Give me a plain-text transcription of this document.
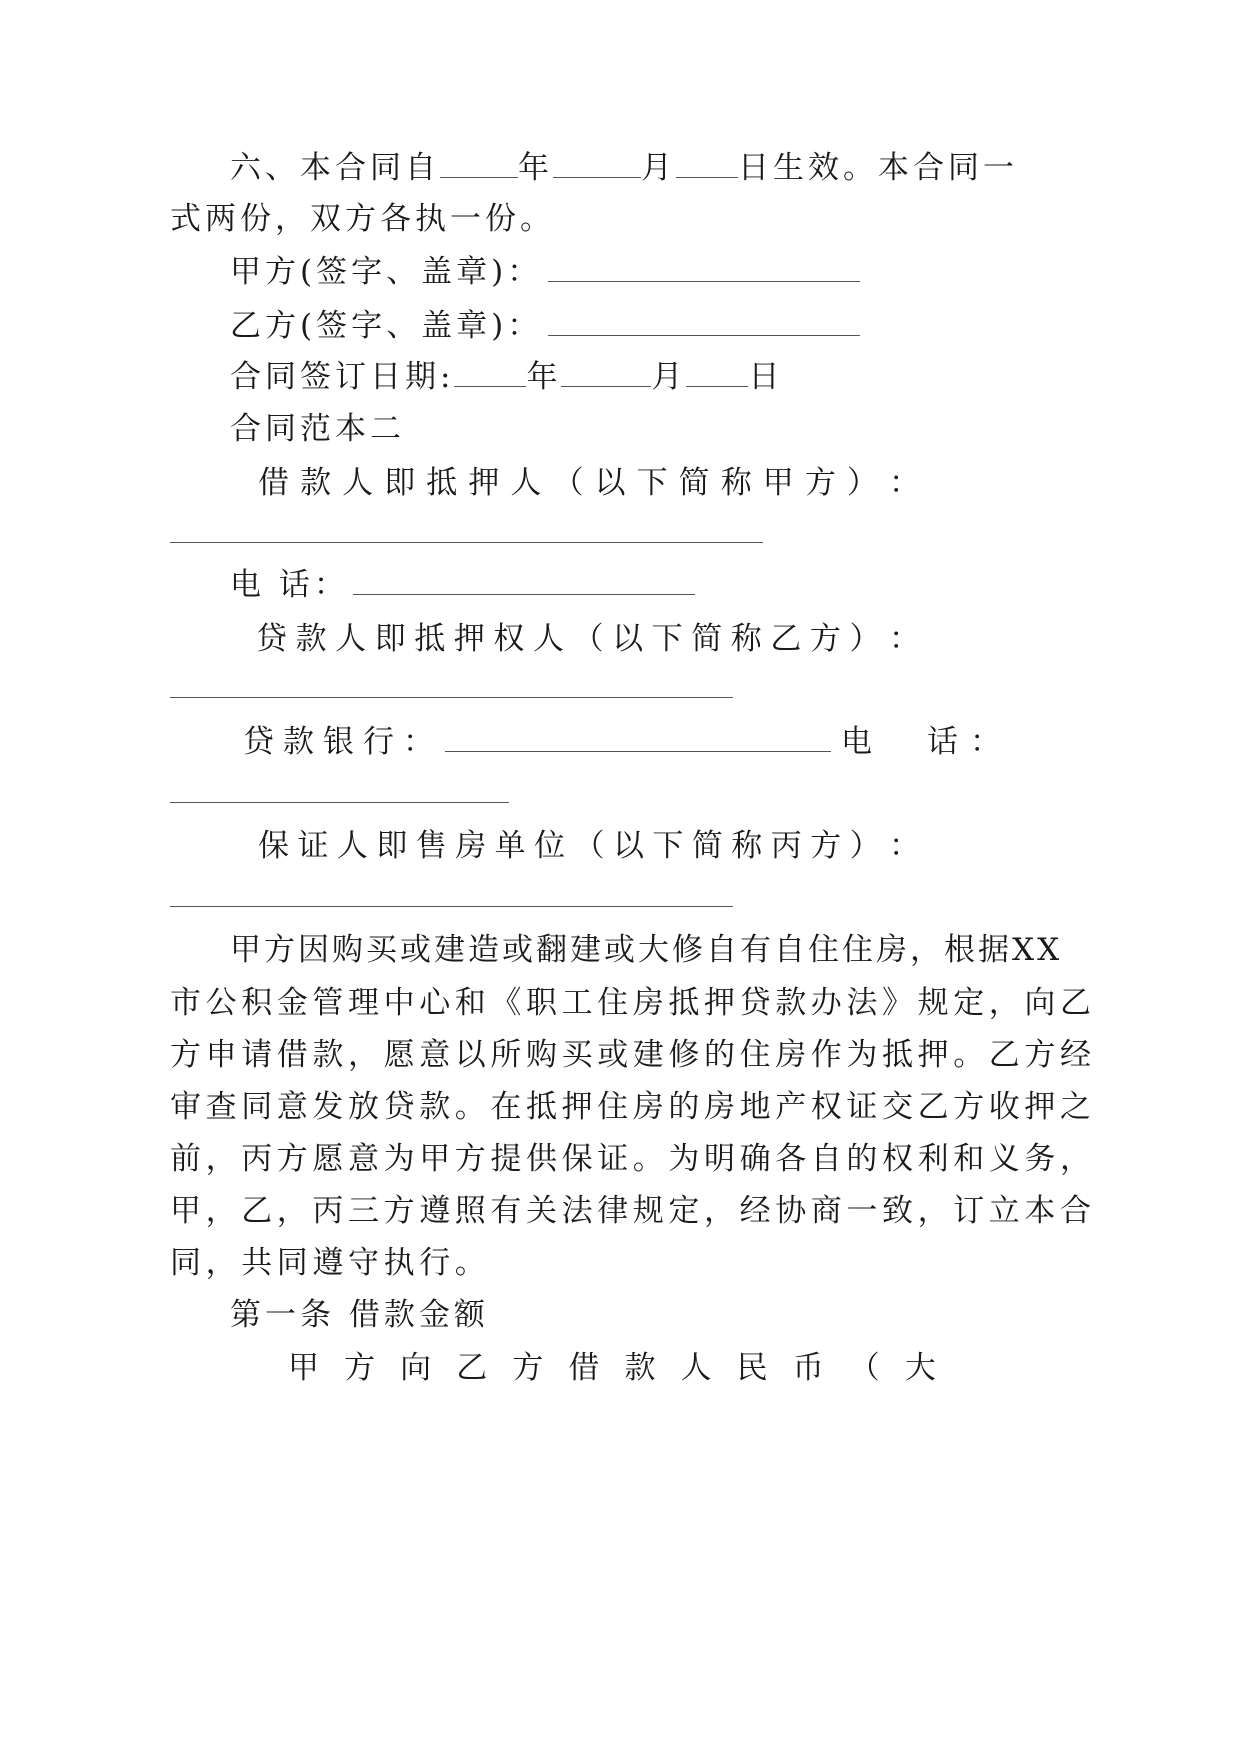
六、本合同自	年	月 日生效。本合同一
式两份，双方各执一份。
甲方(签字、盖章)：
乙方(签字、盖章)：
合同签订日期: 年	月 日
合同范本二
借 款 人 即 抵 押 人 （ 以 下 简 称 甲 方 ） ：
电 话：
贷 款 人 即 抵 押 权 人 （ 以 下 简 称 乙 方 ） ：
贷款银行：	电　话：
保 证 人 即 售 房 单 位 （ 以 下 简 称 丙 方 ） ：
甲方因购买或建造或翻建或大修自有自住住房，根据XX
市公积金管理中心和《职工住房抵押贷款办法》规定，向乙
方申请借款，愿意以所购买或建修的住房作为抵押。乙方经
审查同意发放贷款。在抵押住房的房地产权证交乙方收押之
前，丙方愿意为甲方提供保证。为明确各自的权利和义务，
甲，乙，丙三方遵照有关法律规定，经协商一致，订立本合
同，共同遵守执行。
第一条 借款金额
甲 方 向 乙 方 借 款 人 民 币 （ 大
